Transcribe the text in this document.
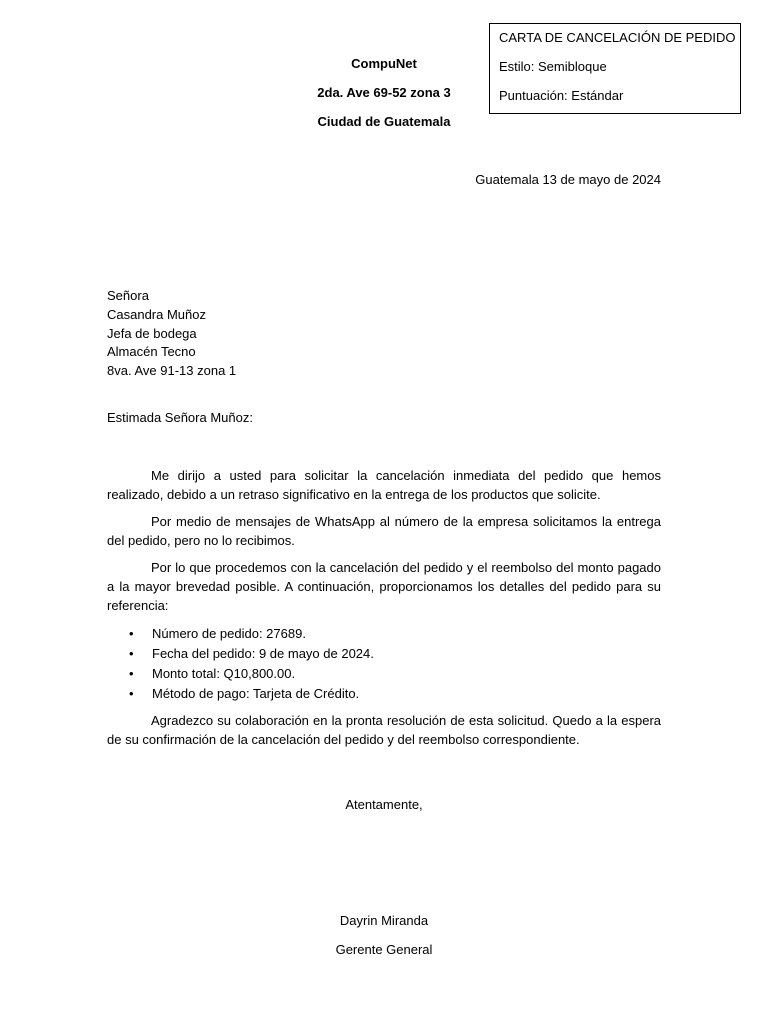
CARTA DE CANCELACIÓN DE PEDIDO
Estilo: Semibloque
Puntuación: Estándar
CompuNet
2da. Ave 69-52 zona 3
Ciudad de Guatemala
Guatemala 13 de mayo de 2024
Señora
Casandra Muñoz
Jefa de bodega
Almacén Tecno
8va. Ave 91-13 zona 1
Estimada Señora Muñoz:

Me dirijo a usted para solicitar la cancelación inmediata del pedido que hemos realizado, debido a un retraso significativo en la entrega de los productos que solicite.

Por medio de mensajes de WhatsApp al número de la empresa solicitamos la entrega del pedido, pero no lo recibimos.

Por lo que procedemos con la cancelación del pedido y el reembolso del monto pagado a la mayor brevedad posible. A continuación, proporcionamos los detalles del pedido para su referencia:

• Número de pedido: 27689.
• Fecha del pedido: 9 de mayo de 2024.
• Monto total: Q10,800.00.
• Método de pago: Tarjeta de Crédito.

Agradezco su colaboración en la pronta resolución de esta solicitud. Quedo a la espera de su confirmación de la cancelación del pedido y del reembolso correspondiente.

Atentamente,
Dayrin Miranda
Gerente General
